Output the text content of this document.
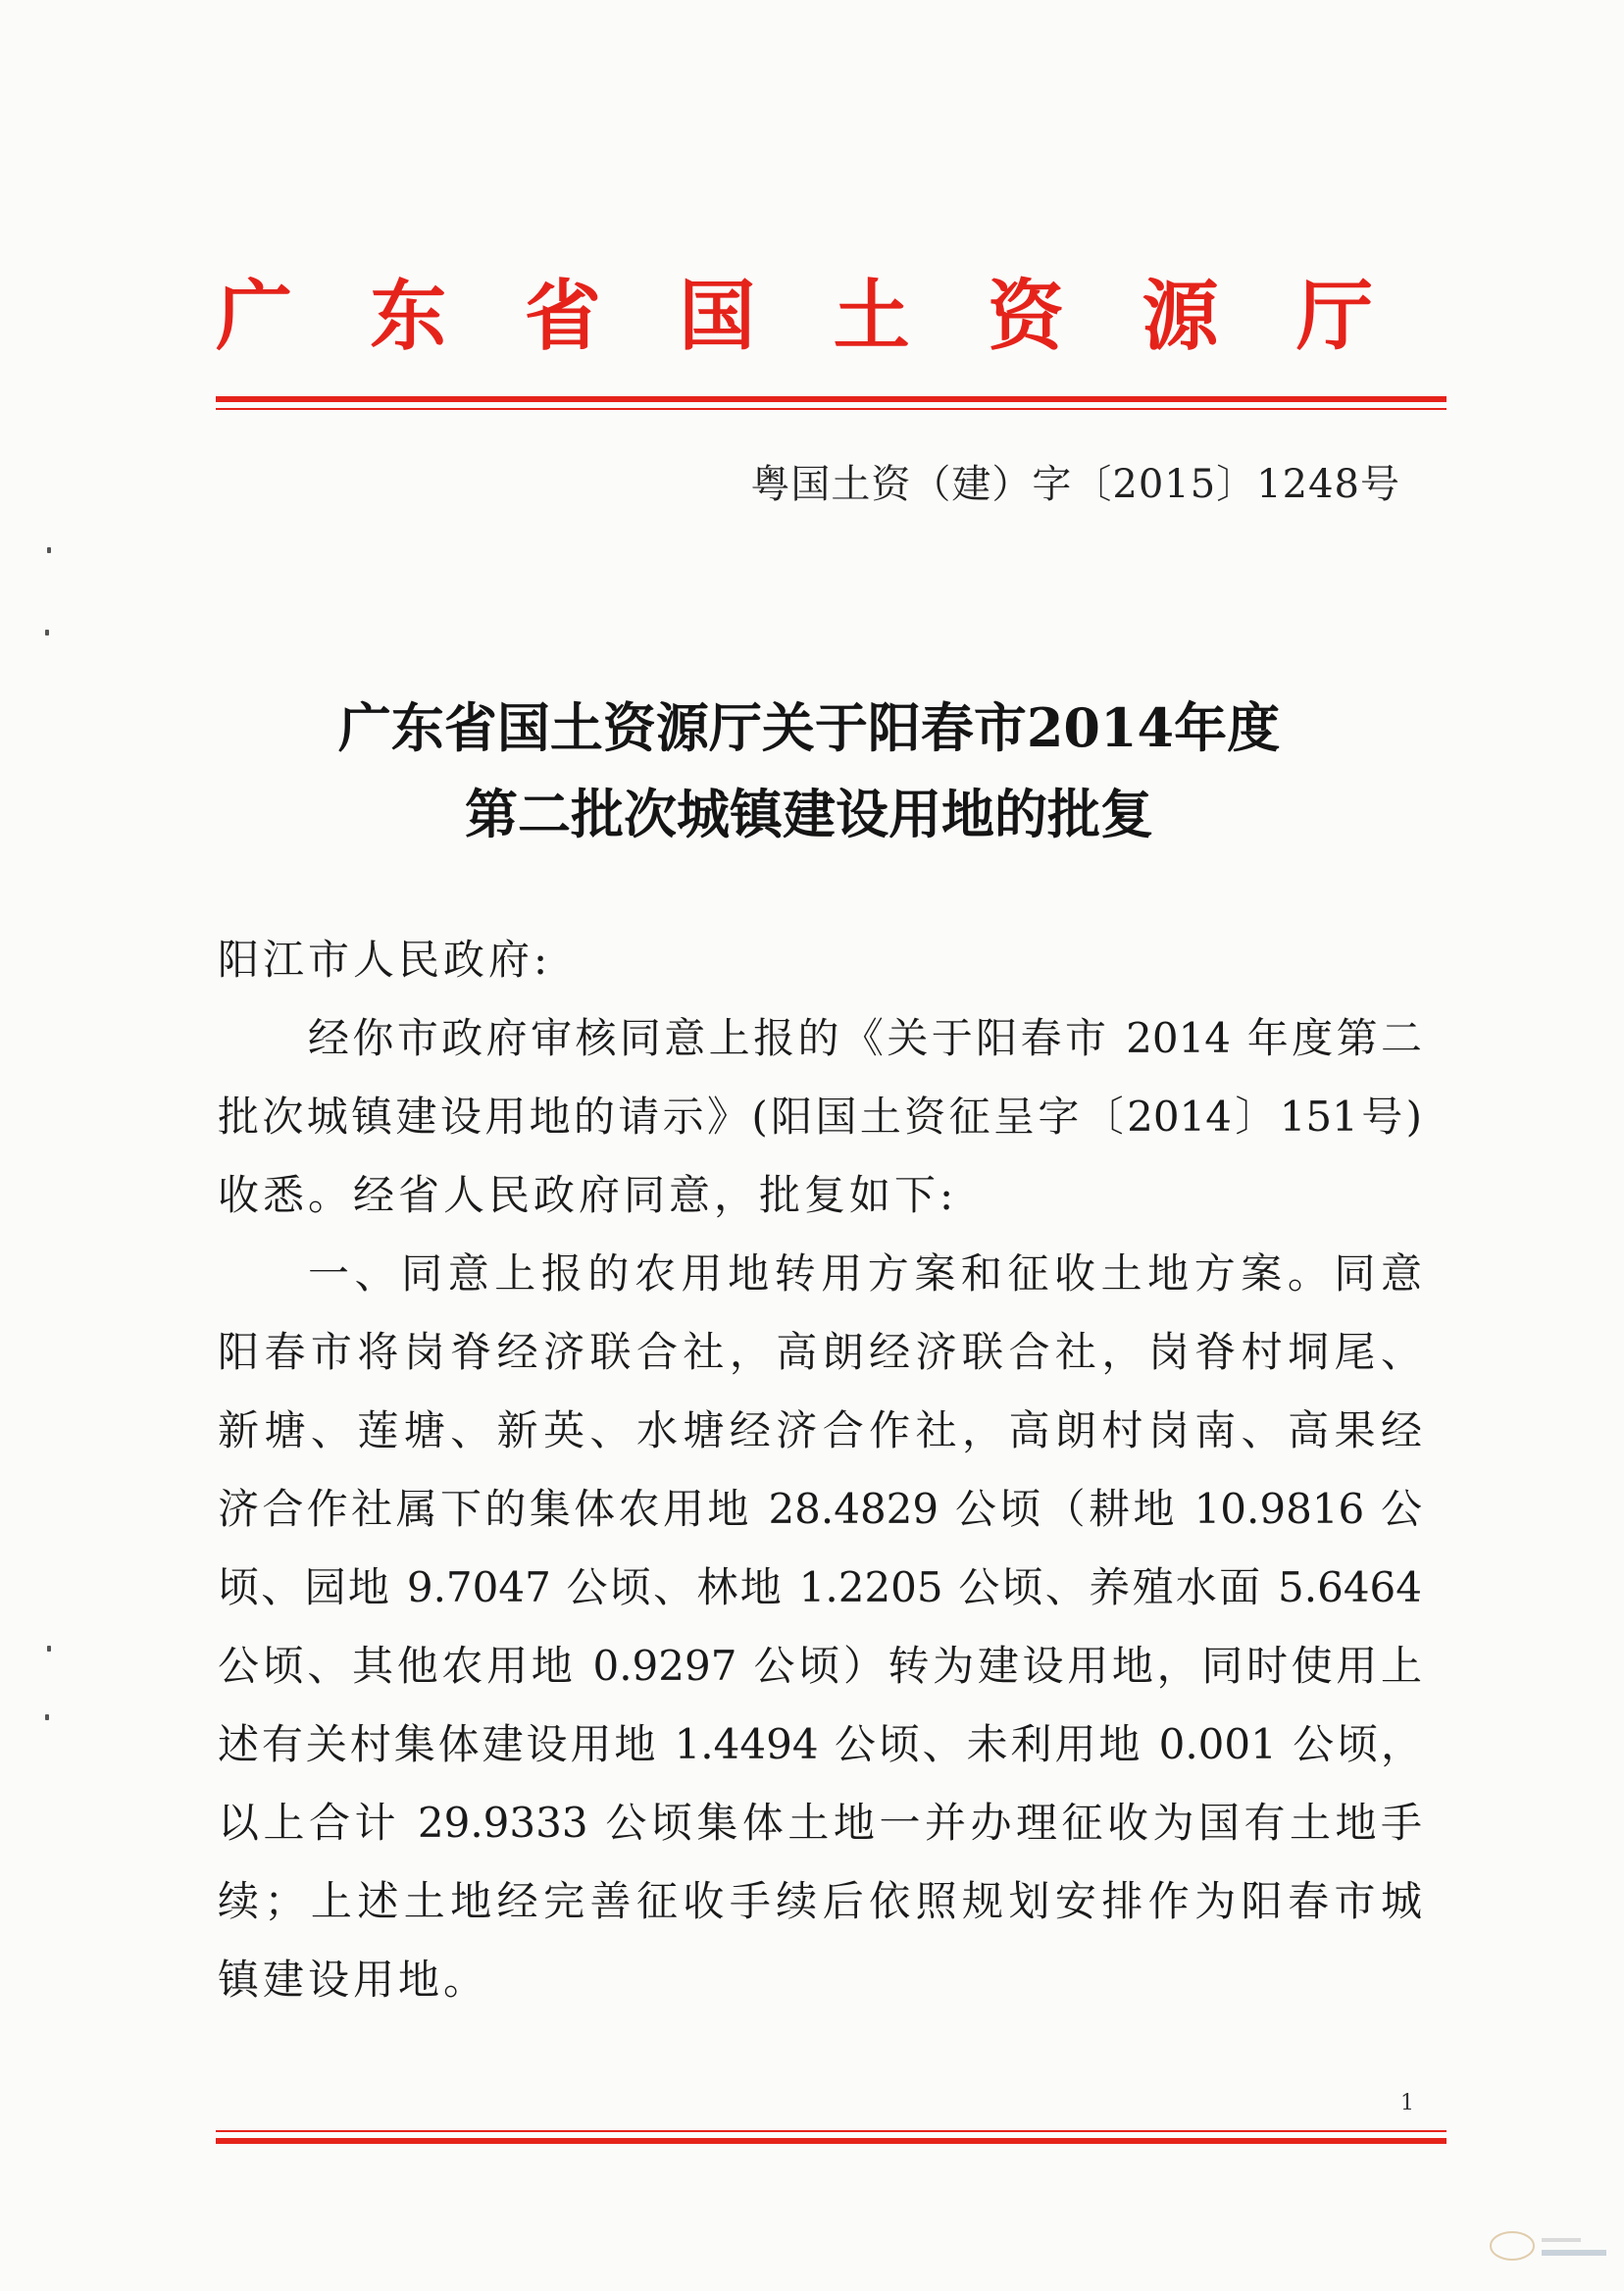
广 东 省 国 土 资 源 厅
粤国土资（建）字〔2015〕1248号
广东省国土资源厅关于阳春市2014年度
第二批次城镇建设用地的批复
阳江市人民政府:
经你市政府审核同意上报的《关于阳春市 2014 年度第二
批次城镇建设用地的请示》(阳国土资征呈字〔2014〕151号)
收悉。经省人民政府同意，批复如下:
一、同意上报的农用地转用方案和征收土地方案。同意
阳春市将岗脊经济联合社，高朗经济联合社，岗脊村垌尾、
新塘、莲塘、新英、水塘经济合作社，高朗村岗南、高果经
济合作社属下的集体农用地 28.4829 公顷（耕地 10.9816 公
顷、园地 9.7047 公顷、林地 1.2205 公顷、养殖水面 5.6464
公顷、其他农用地 0.9297 公顷）转为建设用地，同时使用上
述有关村集体建设用地 1.4494 公顷、未利用地 0.001 公顷，
以上合计 29.9333 公顷集体土地一并办理征收为国有土地手
续；上述土地经完善征收手续后依照规划安排作为阳春市城
镇建设用地。
1
